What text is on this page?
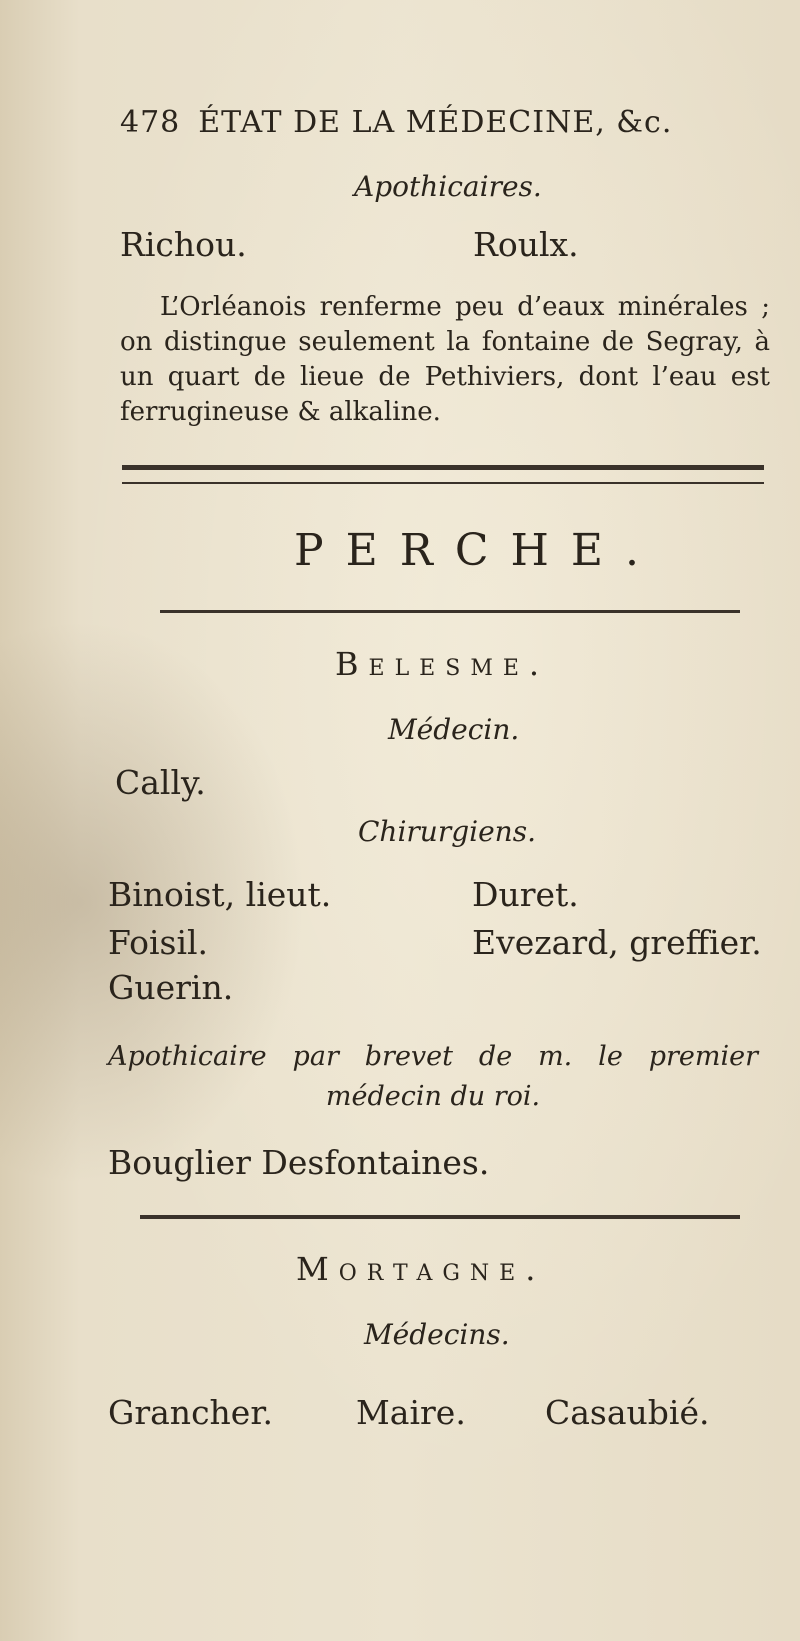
478 ÉTAT DE LA MÉDECINE, &c.
Apothicaires.
Richou.	Roulx.
L’Orléanois renferme peu d’eaux minérales ; on distingue seulement la fontaine de Segray, à un quart de lieue de Pethiviers, dont l’eau est ferrugineuse & alkaline.
PERCHE.
Belesme.
Médecin.
Cally.
Chirurgiens.
Binoist, lieut.
Foisil.
Guerin.
Duret.
Evezard, greffier.
Apothicaire par brevet de m. le premier médecin du roi.
Bouglier Desfontaines.
Mortagne.
Médecins.
Grancher.	Maire. Casaubié.
